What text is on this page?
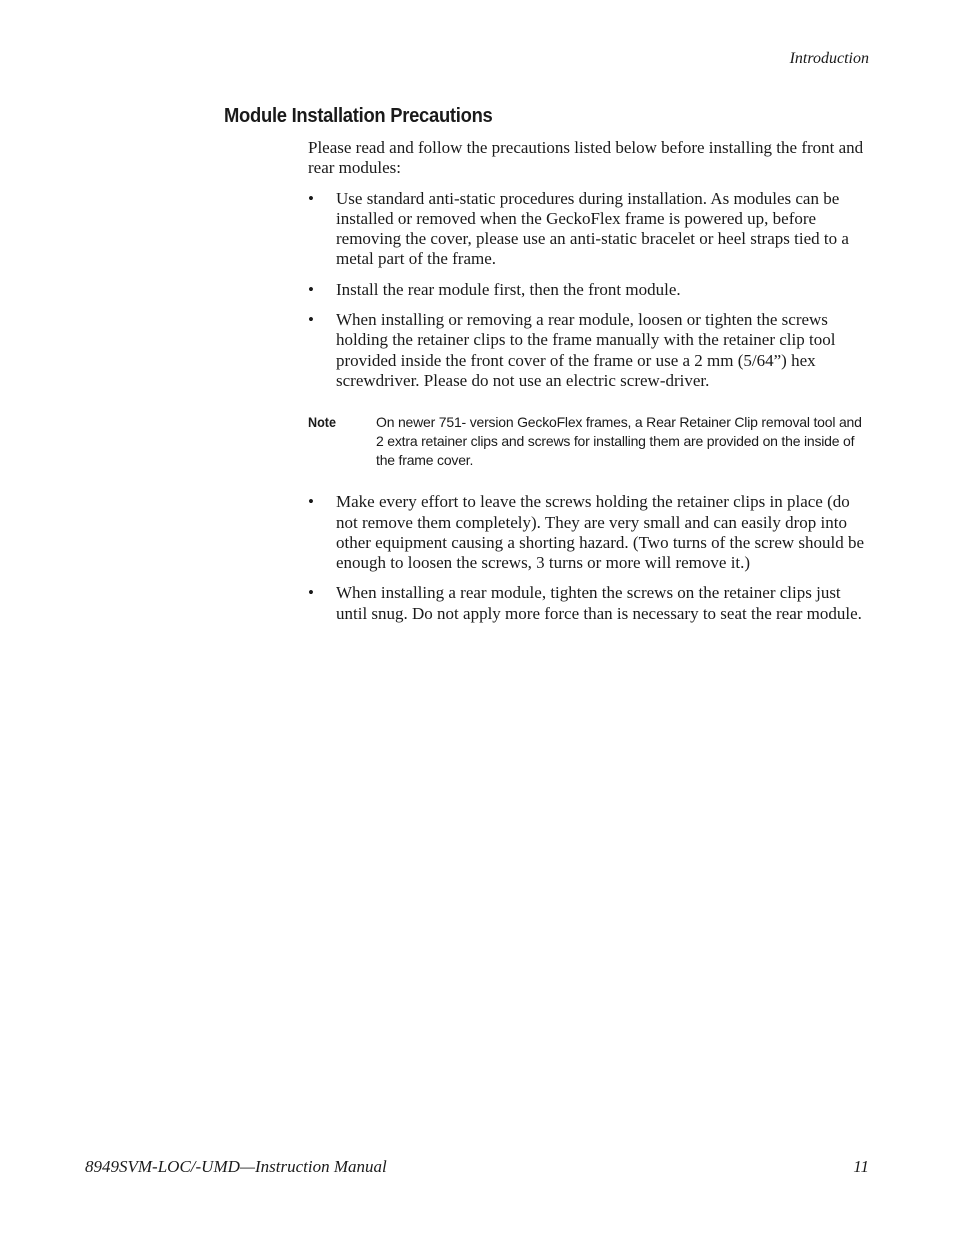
Introduction
Module Installation Precautions

Please read and follow the precautions listed below before installing the front and rear modules:

• Use standard anti-static procedures during installation. As modules can be installed or removed when the GeckoFlex frame is powered up, before removing the cover, please use an anti-static bracelet or heel straps tied to a metal part of the frame.
• Install the rear module first, then the front module.
• When installing or removing a rear module, loosen or tighten the screws holding the retainer clips to the frame manually with the retainer clip tool provided inside the front cover of the frame or use a 2 mm (5/64”) hex screwdriver. Please do not use an electric screw-driver.
Note	On newer 751- version GeckoFlex frames, a Rear Retainer Clip removal tool and 2 extra retainer clips and screws for installing them are provided on the inside of the frame cover.
• Make every effort to leave the screws holding the retainer clips in place (do not remove them completely). They are very small and can easily drop into other equipment causing a shorting hazard. (Two turns of the screw should be enough to loosen the screws, 3 turns or more will remove it.)
• When installing a rear module, tighten the screws on the retainer clips just until snug. Do not apply more force than is necessary to seat the rear module.
8949SVM-LOC/-UMD—Instruction Manual	11
